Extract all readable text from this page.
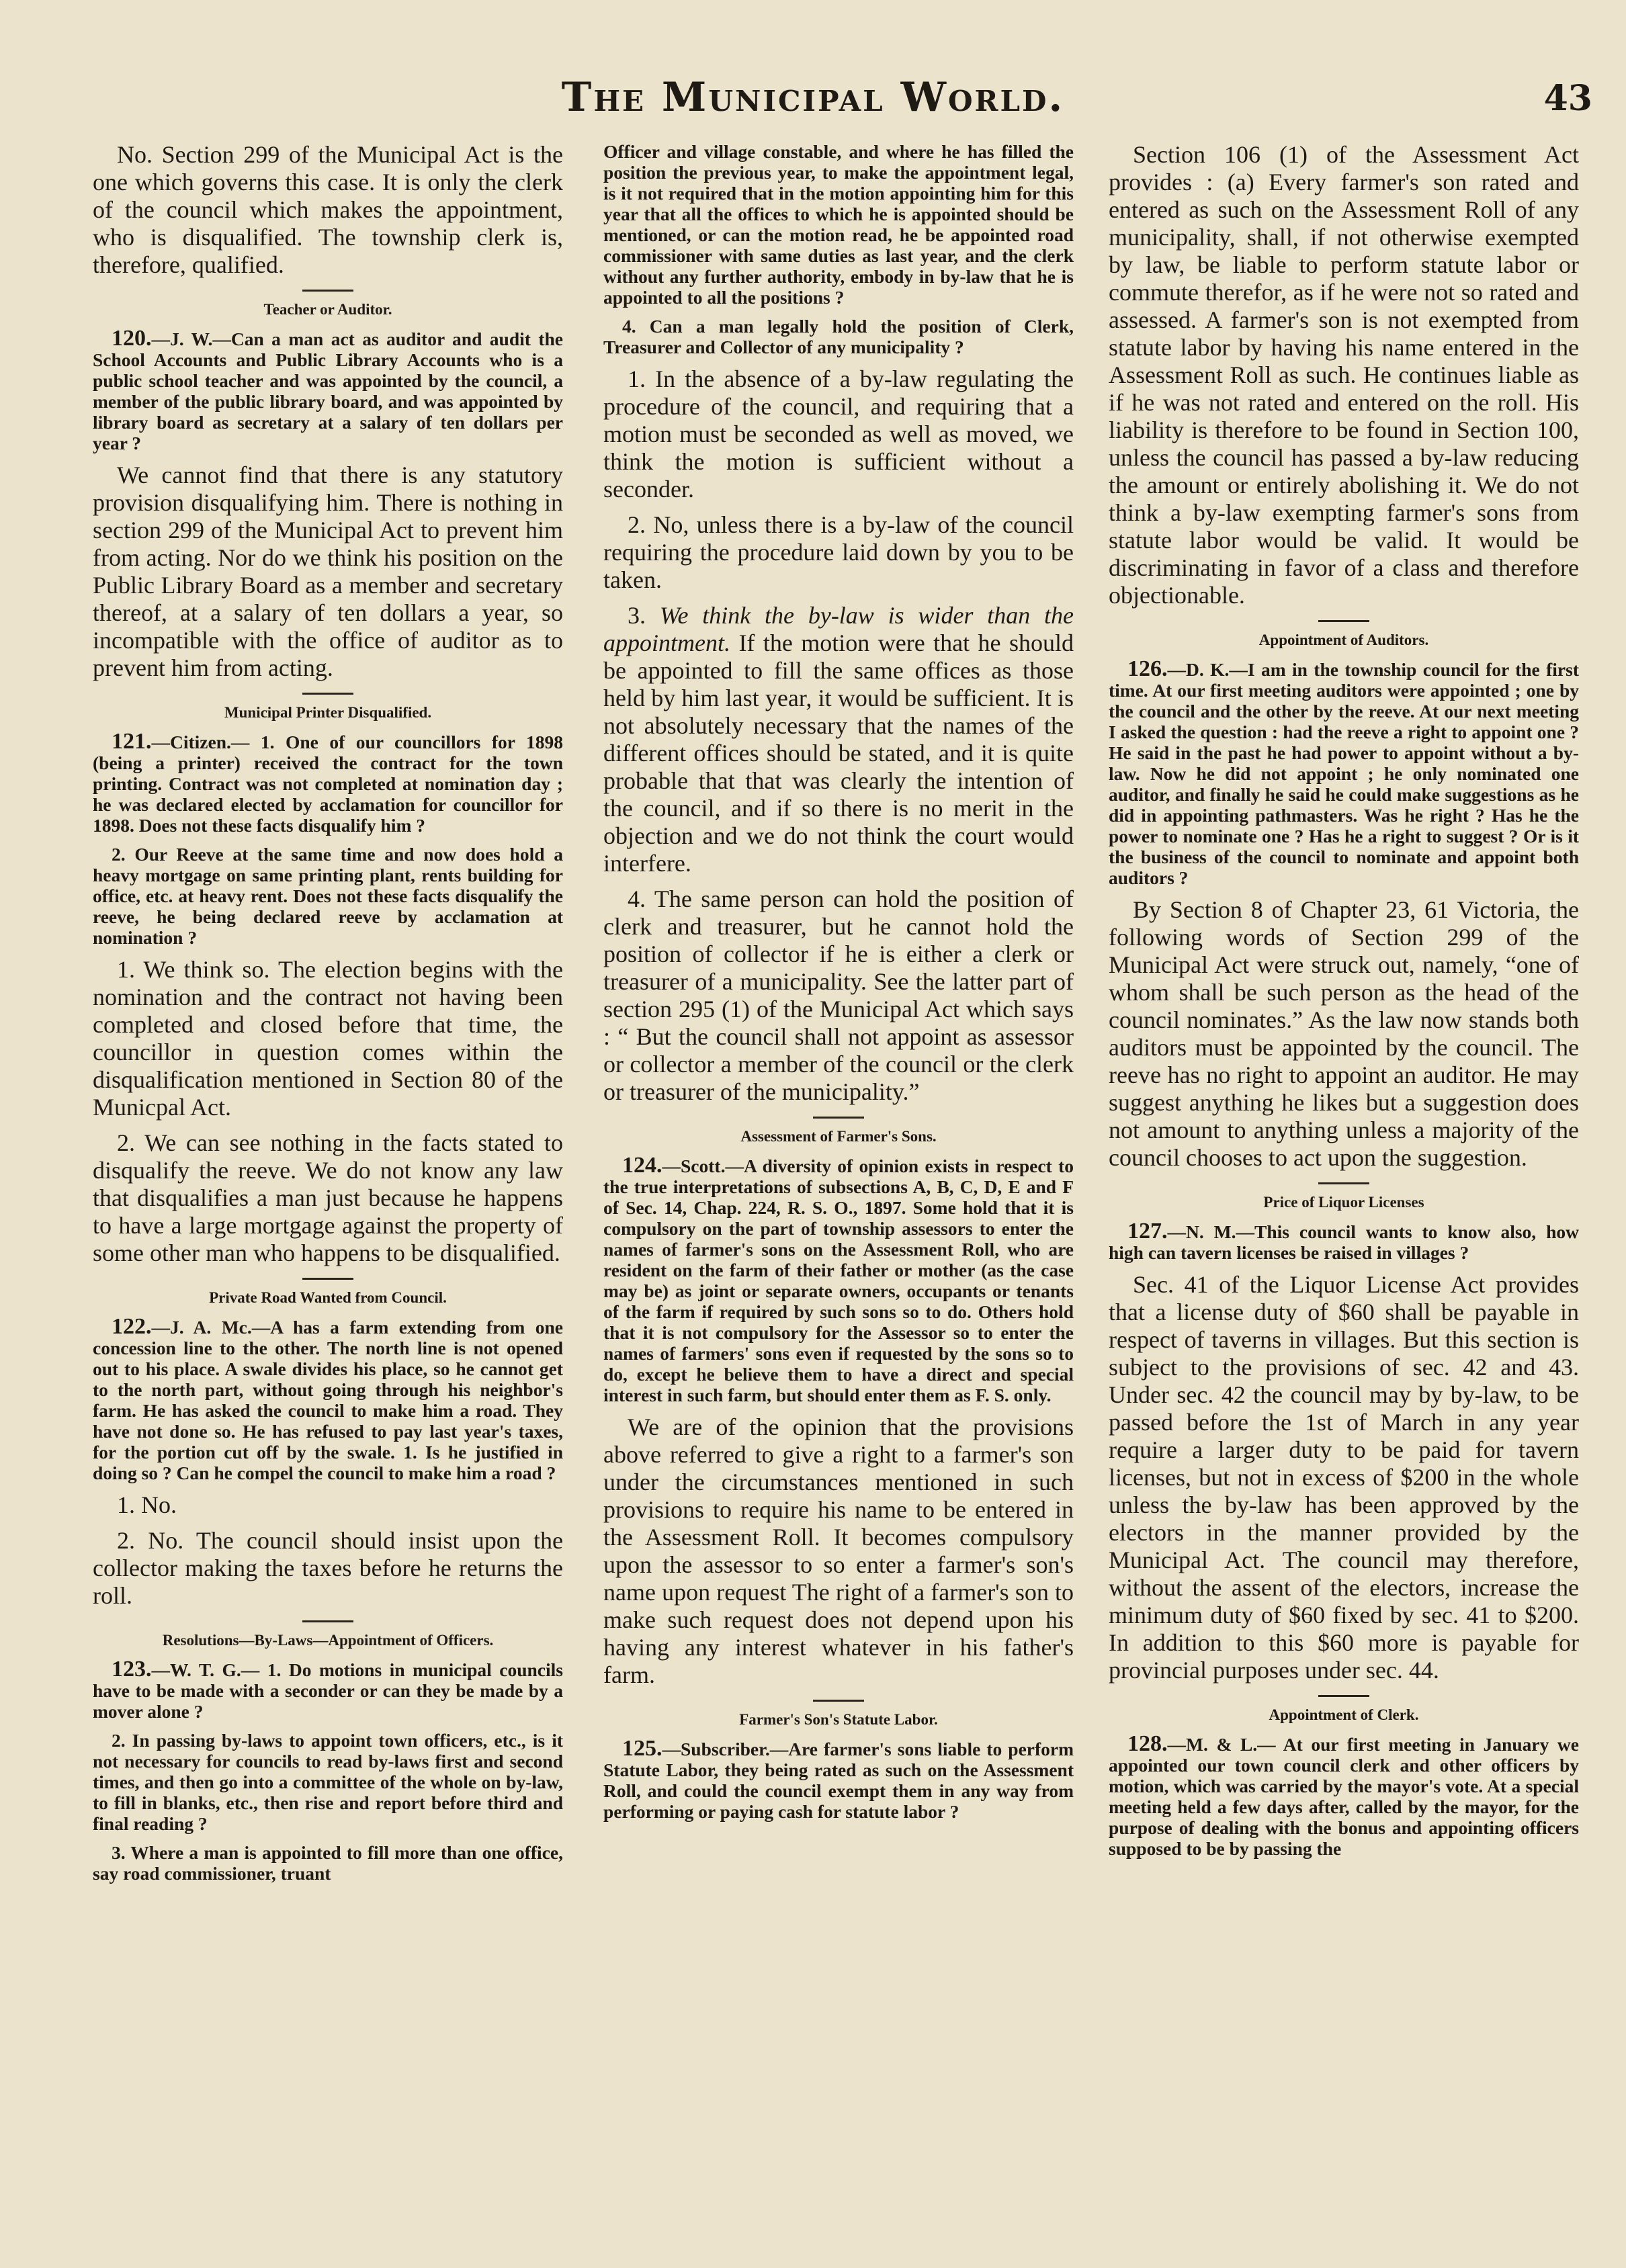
The Municipal World.	43

No. Section 299 of the Municipal Act is the one which governs this case. It is only the clerk of the council which makes the appointment, who is disqualified. The township clerk is, therefore, qualified.

Teacher or Auditor.

120.—J. W.—Can a man act as auditor and audit the School Accounts and Public Library Accounts who is a public school teacher and was appointed by the council, a member of the public library board, and was appointed by library board as secretary at a salary of ten dollars per year ?

We cannot find that there is any statutory provision disqualifying him. There is nothing in section 299 of the Municipal Act to prevent him from acting. Nor do we think his position on the Public Library Board as a member and secretary thereof, at a salary of ten dollars a year, so incompatible with the office of auditor as to prevent him from acting.

Municipal Printer Disqualified.

121.—Citizen.— 1. One of our councillors for 1898 (being a printer) received the contract for the town printing. Contract was not completed at nomination day ; he was declared elected by acclamation for councillor for 1898. Does not these facts disqualify him ?

2. Our Reeve at the same time and now does hold a heavy mortgage on same printing plant, rents building for office, etc. at heavy rent. Does not these facts disqualify the reeve, he being declared reeve by acclamation at nomination ?

1. We think so. The election begins with the nomination and the contract not having been completed and closed before that time, the councillor in question comes within the disqualification mentioned in Section 80 of the Municpal Act.

2. We can see nothing in the facts stated to disqualify the reeve. We do not know any law that disqualifies a man just because he happens to have a large mortgage against the property of some other man who happens to be disqualified.

Private Road Wanted from Council.

122.—J. A. Mc.—A has a farm extending from one concession line to the other. The north line is not opened out to his place. A swale divides his place, so he cannot get to the north part, without going through his neighbor's farm. He has asked the council to make him a road. They have not done so. He has refused to pay last year's taxes, for the portion cut off by the swale. 1. Is he justified in doing so ? Can he compel the council to make him a road ?

1. No.

2. No. The council should insist upon the collector making the taxes before he returns the roll.

Resolutions—By-Laws—Appointment of Officers.

123.—W. T. G.— 1. Do motions in municipal councils have to be made with a seconder or can they be made by a mover alone ?

2. In passing by-laws to appoint town officers, etc., is it not necessary for councils to read by-laws first and second times, and then go into a committee of the whole on by-law, to fill in blanks, etc., then rise and report before third and final reading ?

3. Where a man is appointed to fill more than one office, say road commissioner, truant

Officer and village constable, and where he has filled the position the previous year, to make the appointment legal, is it not required that in the motion appointing him for this year that all the offices to which he is appointed should be mentioned, or can the motion read, he be appointed road commissioner with same duties as last year, and the clerk without any further authority, embody in by-law that he is appointed to all the positions ?

4. Can a man legally hold the position of Clerk, Treasurer and Collector of any municipality ?

1. In the absence of a by-law regulating the procedure of the council, and requiring that a motion must be seconded as well as moved, we think the motion is sufficient without a seconder.

2. No, unless there is a by-law of the council requiring the procedure laid down by you to be taken.

3. We think the by-law is wider than the appointment. If the motion were that he should be appointed to fill the same offices as those held by him last year, it would be sufficient. It is not absolutely necessary that the names of the different offices should be stated, and it is quite probable that that was clearly the intention of the council, and if so there is no merit in the objection and we do not think the court would interfere.

4. The same person can hold the position of clerk and treasurer, but he cannot hold the position of collector if he is either a clerk or treasurer of a municipality. See the latter part of section 295 (1) of the Municipal Act which says : “ But the council shall not appoint as assessor or collector a member of the council or the clerk or treasurer of the municipality.”

Assessment of Farmer's Sons.

124.—Scott.—A diversity of opinion exists in respect to the true interpretations of subsections A, B, C, D, E and F of Sec. 14, Chap. 224, R. S. O., 1897. Some hold that it is compulsory on the part of township assessors to enter the names of farmer's sons on the Assessment Roll, who are resident on the farm of their father or mother (as the case may be) as joint or separate owners, occupants or tenants of the farm if required by such sons so to do. Others hold that it is not compulsory for the Assessor so to enter the names of farmers' sons even if requested by the sons so to do, except he believe them to have a direct and special interest in such farm, but should enter them as F. S. only.

We are of the opinion that the provisions above referred to give a right to a farmer's son under the circumstances mentioned in such provisions to require his name to be entered in the Assessment Roll. It becomes compulsory upon the assessor to so enter a farmer's son's name upon request The right of a farmer's son to make such request does not depend upon his having any interest whatever in his father's farm.

Farmer's Son's Statute Labor.

125.—Subscriber.—Are farmer's sons liable to perform Statute Labor, they being rated as such on the Assessment Roll, and could the council exempt them in any way from performing or paying cash for statute labor ?

Section 106 (1) of the Assessment Act provides : (a) Every farmer's son rated and entered as such on the Assessment Roll of any municipality, shall, if not otherwise exempted by law, be liable to perform statute labor or commute therefor, as if he were not so rated and assessed. A farmer's son is not exempted from statute labor by having his name entered in the Assessment Roll as such. He continues liable as if he was not rated and entered on the roll. His liability is therefore to be found in Section 100, unless the council has passed a by-law reducing the amount or entirely abolishing it. We do not think a by-law exempting farmer's sons from statute labor would be valid. It would be discriminating in favor of a class and therefore objectionable.

Appointment of Auditors.

126.—D. K.—I am in the township council for the first time. At our first meeting auditors were appointed ; one by the council and the other by the reeve. At our next meeting I asked the question : had the reeve a right to appoint one ? He said in the past he had power to appoint without a by-law. Now he did not appoint ; he only nominated one auditor, and finally he said he could make suggestions as he did in appointing pathmasters. Was he right ? Has he the power to nominate one ? Has he a right to suggest ? Or is it the business of the council to nominate and appoint both auditors ?

By Section 8 of Chapter 23, 61 Victoria, the following words of Section 299 of the Municipal Act were struck out, namely, “one of whom shall be such person as the head of the council nominates.” As the law now stands both auditors must be appointed by the council. The reeve has no right to appoint an auditor. He may suggest anything he likes but a suggestion does not amount to anything unless a majority of the council chooses to act upon the suggestion.

Price of Liquor Licenses

127.—N. M.—This council wants to know also, how high can tavern licenses be raised in villages ?

Sec. 41 of the Liquor License Act provides that a license duty of $60 shall be payable in respect of taverns in villages. But this section is subject to the provisions of sec. 42 and 43. Under sec. 42 the council may by by-law, to be passed before the 1st of March in any year require a larger duty to be paid for tavern licenses, but not in excess of $200 in the whole unless the by-law has been approved by the electors in the manner provided by the Municipal Act. The council may therefore, without the assent of the electors, increase the minimum duty of $60 fixed by sec. 41 to $200. In addition to this $60 more is payable for provincial purposes under sec. 44.

Appointment of Clerk.

128.—M. & L.— At our first meeting in January we appointed our town council clerk and other officers by motion, which was carried by the mayor's vote. At a special meeting held a few days after, called by the mayor, for the purpose of dealing with the bonus and appointing officers supposed to be by passing the
